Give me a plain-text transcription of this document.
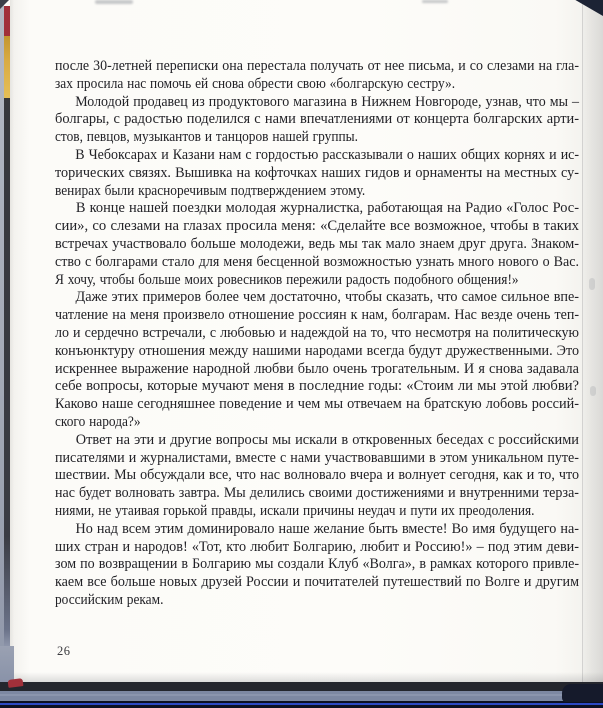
после 30-летней переписки она перестала получать от нее письма, и со слезами на гла-
зах просила нас помочь ей снова обрести свою «болгарскую сестру».
Молодой продавец из продуктового магазина в Нижнем Новгороде, узнав, что мы –
болгары, с радостью поделился с нами впечатлениями от концерта болгарских арти-
стов, певцов, музыкантов и танцоров нашей группы.
В Чебоксарах и Казани нам с гордостью рассказывали о наших общих корнях и ис-
торических связях. Вышивка на кофточках наших гидов и орнаменты на местных су-
венирах были красноречивым подтверждением этому.
В конце нашей поездки молодая журналистка, работающая на Радио «Голос Рос-
сии», со слезами на глазах просила меня: «Сделайте все возможное, чтобы в таких
встречах участвовало больше молодежи, ведь мы так мало знаем друг друга. Знаком-
ство с болгарами стало для меня бесценной возможностью узнать много нового о Вас.
Я хочу, чтобы больше моих ровесников пережили радость подобного общения!»
Даже этих примеров более чем достаточно, чтобы сказать, что самое сильное впе-
чатление на меня произвело отношение россиян к нам, болгарам. Нас везде очень теп-
ло и сердечно встречали, с любовью и надеждой на то, что несмотря на политическую
конъюнктуру отношения между нашими народами всегда будут дружественными. Это
искреннее выражение народной любви было очень трогательным. И я снова задавала
себе вопросы, которые мучают меня в последние годы: «Стоим ли мы этой любви?
Каково наше сегодняшнее поведение и чем мы отвечаем на братскую лобовь россий-
ского народа?»
Ответ на эти и другие вопросы мы искали в откровенных беседах с российскими
писателями и журналистами, вместе с нами участвовавшими в этом уникальном путе-
шествии. Мы обсуждали все, что нас волновало вчера и волнует сегодня, как и то, что
нас будет волновать завтра. Мы делились своими достижениями и внутренними терза-
ниями, не утаивая горькой правды, искали причины неудач и пути их преодоления.
Но над всем этим доминировало наше желание быть вместе! Во имя будущего на-
ших стран и народов! «Тот, кто любит Болгарию, любит и Россию!» – под этим деви-
зом по возвращении в Болгарию мы создали Клуб «Волга», в рамках которого привле-
каем все больше новых друзей России и почитателей путешествий по Волге и другим
российским рекам.
26
